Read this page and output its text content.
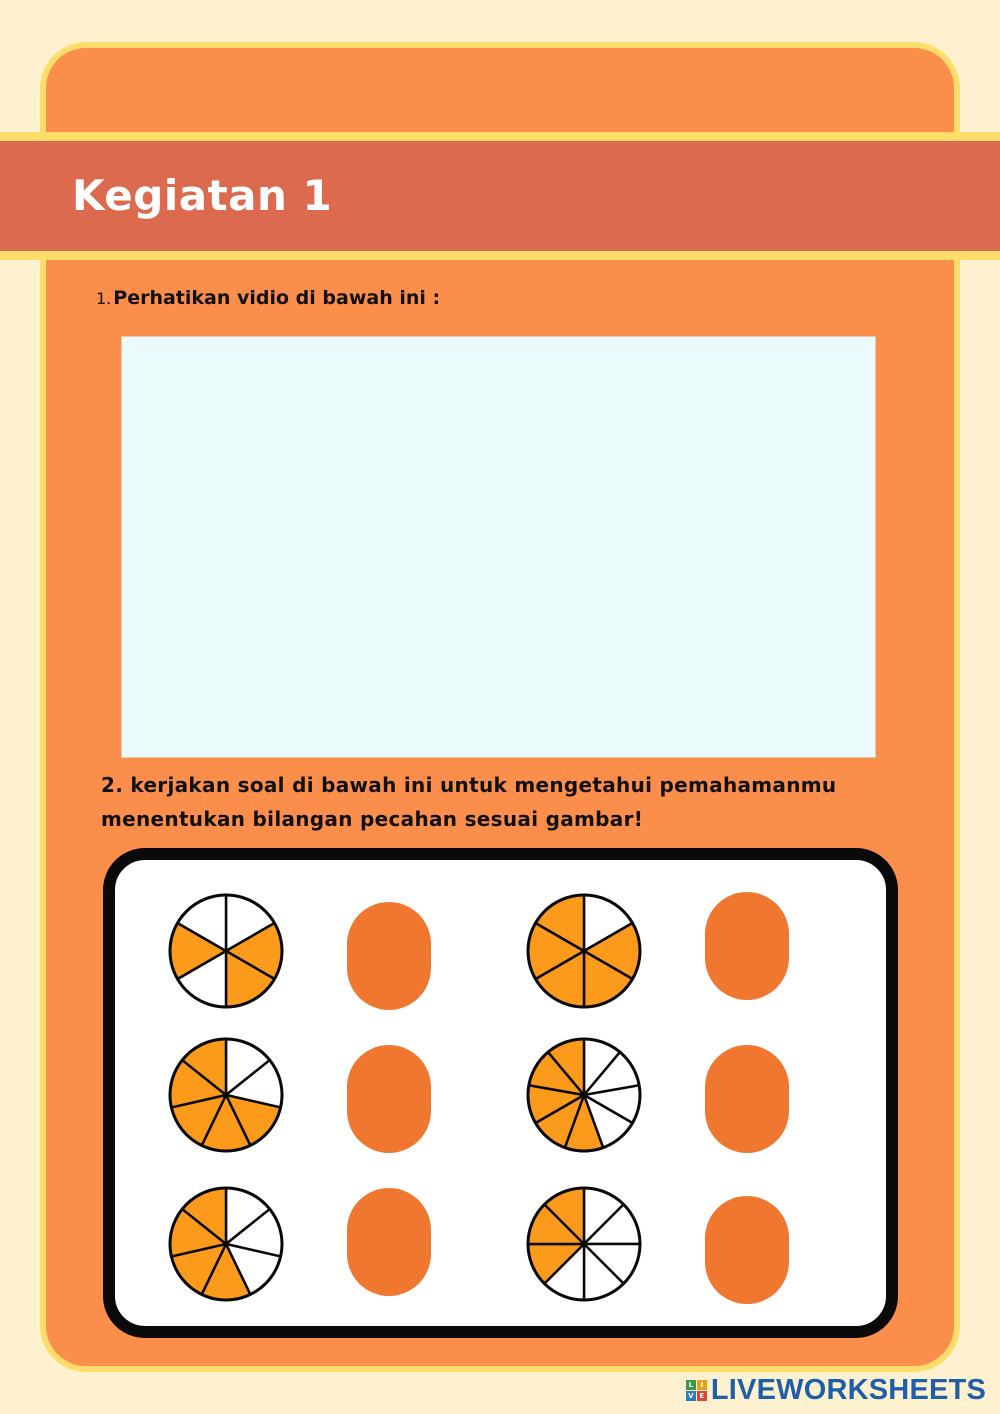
Kegiatan 1
1. Perhatikan vidio di bawah ini :
2. kerjakan soal di bawah ini untuk mengetahui pemahamanmu
menentukan bilangan pecahan sesuai gambar!
L	I
V E LIVEWORKSHEETS
